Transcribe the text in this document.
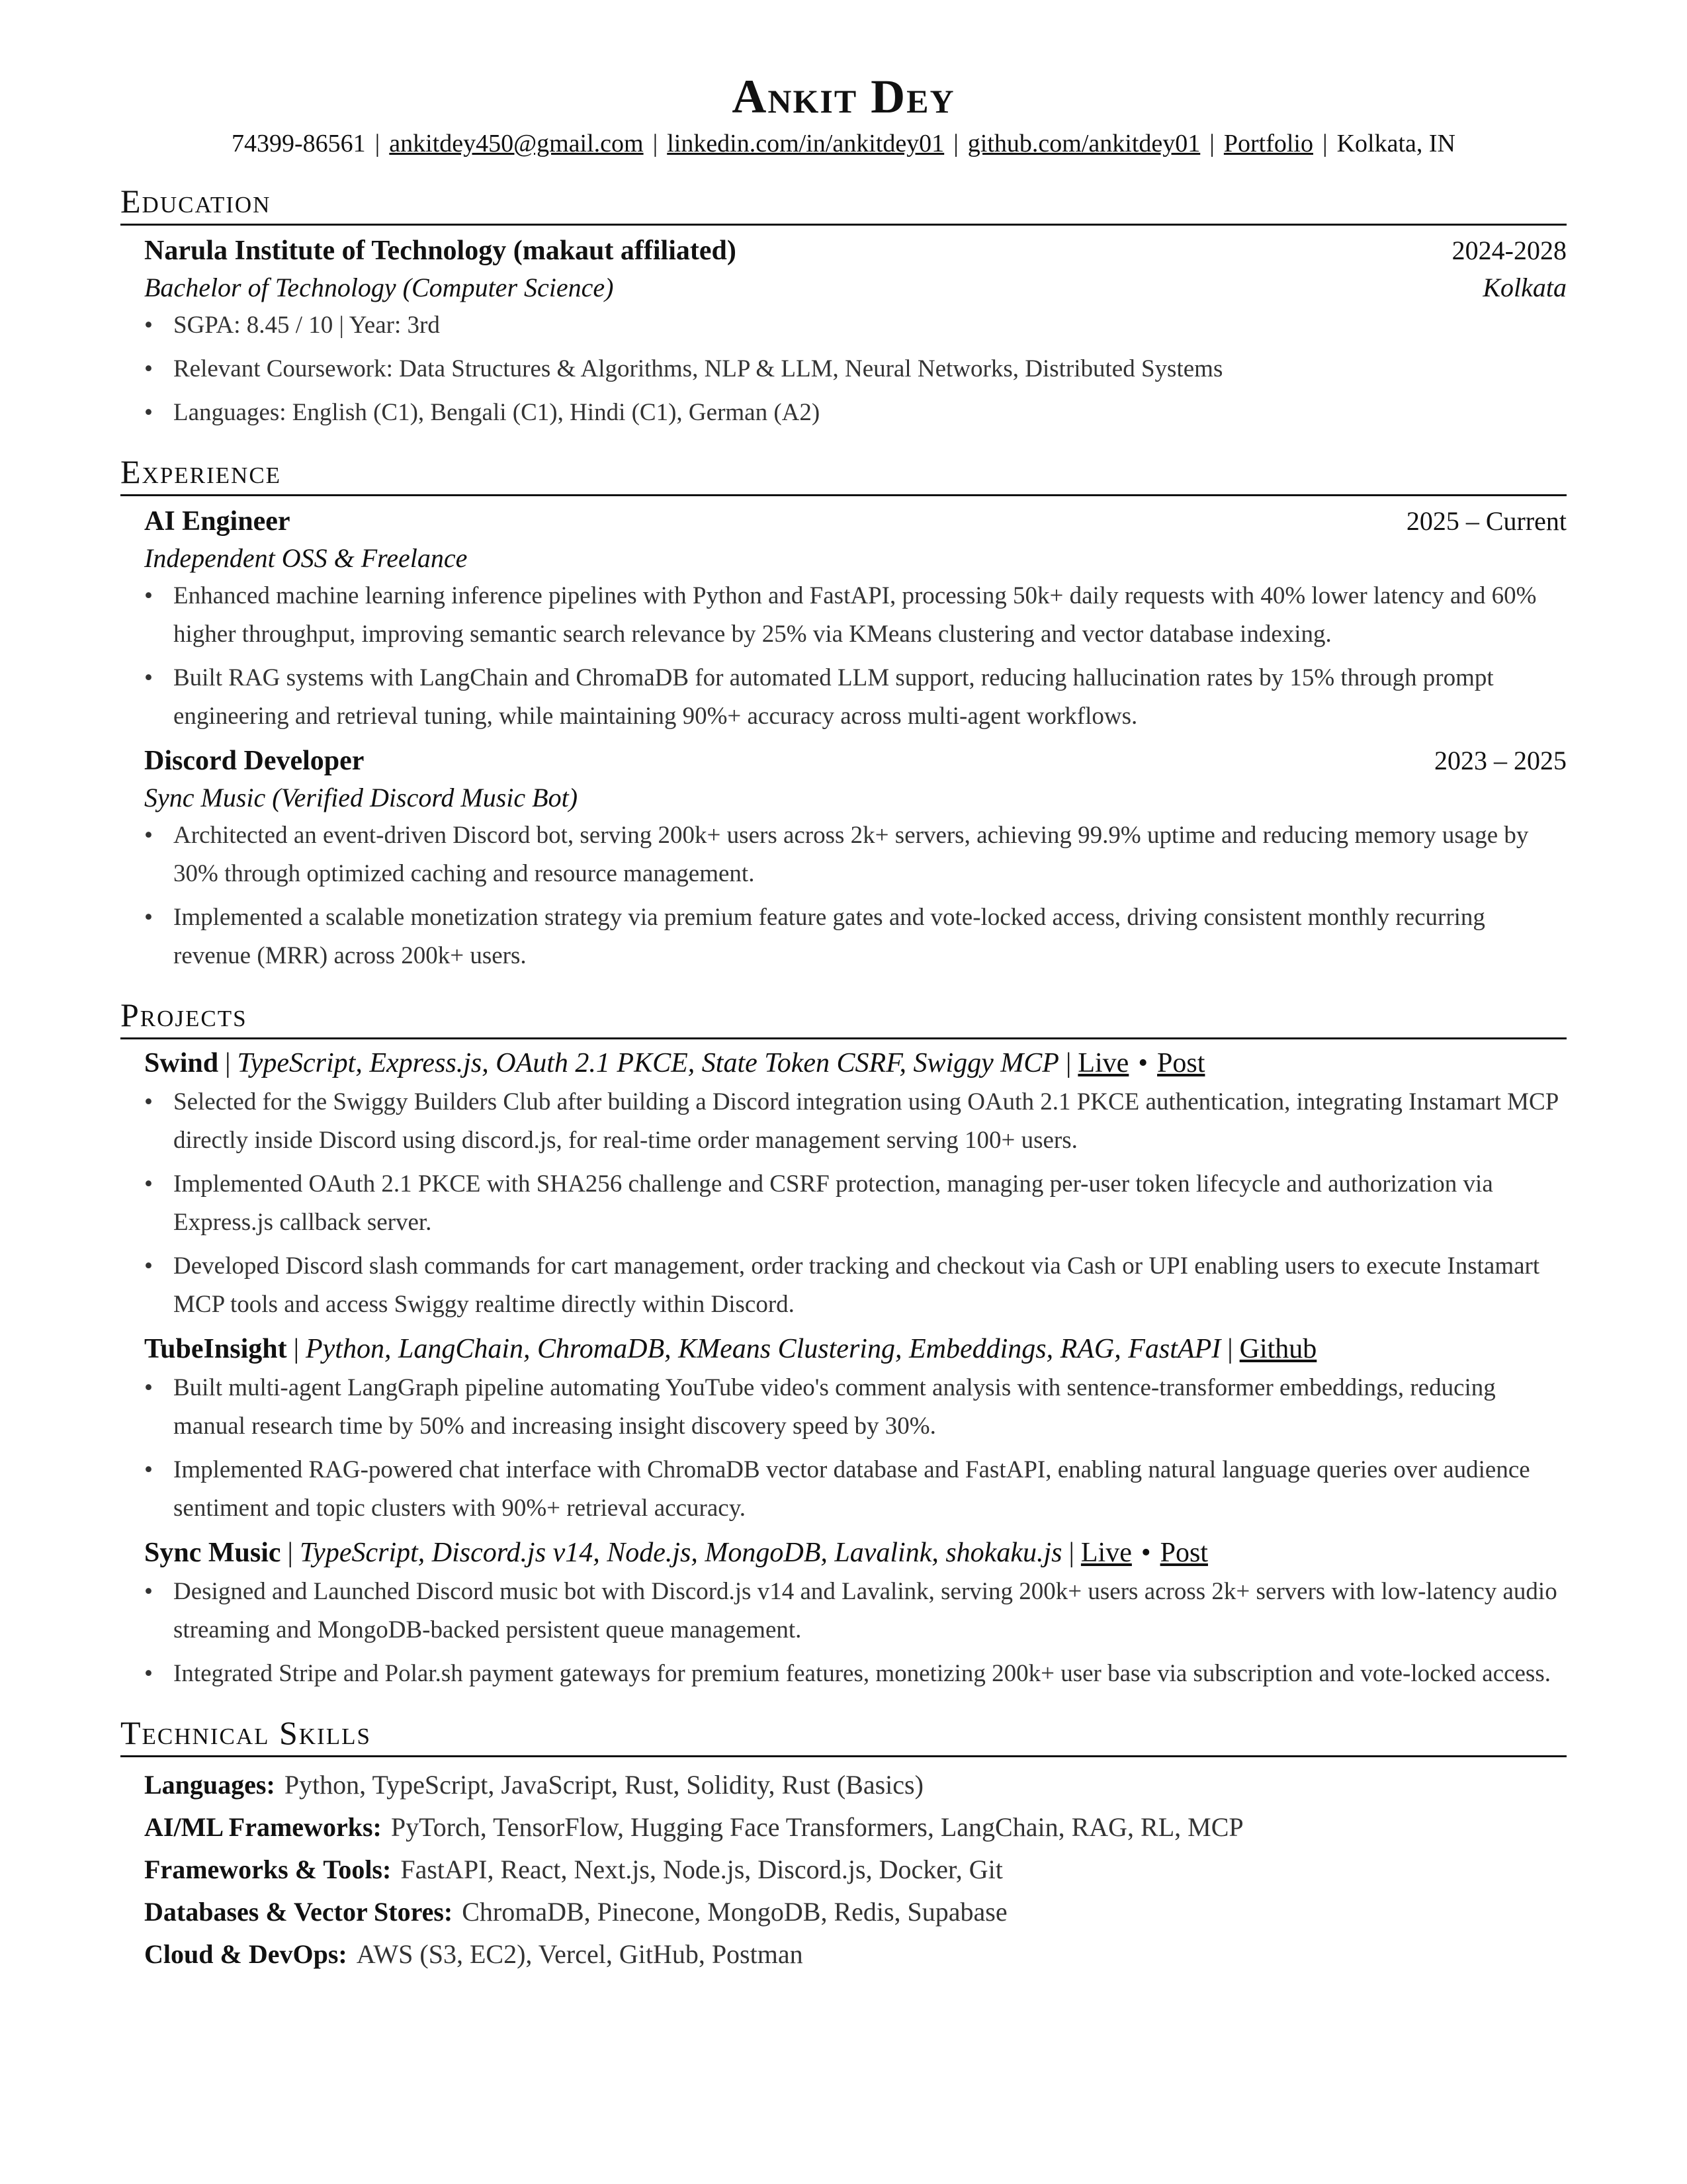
Ankit Dey
74399-86561 | ankitdey450@gmail.com | linkedin.com/in/ankitdey01 | github.com/ankitdey01 | Portfolio | Kolkata, IN
Education
Narula Institute of Technology (makaut affiliated)	2024-2028
Bachelor of Technology (Computer Science)	Kolkata
• SGPA: 8.45 / 10 | Year: 3rd
• Relevant Coursework: Data Structures & Algorithms, NLP & LLM, Neural Networks, Distributed Systems
• Languages: English (C1), Bengali (C1), Hindi (C1), German (A2)
Experience
AI Engineer	2025 – Current
Independent OSS & Freelance
• Enhanced machine learning inference pipelines with Python and FastAPI, processing 50k+ daily requests with 40% lower latency and 60% higher throughput, improving semantic search relevance by 25% via KMeans clustering and vector database indexing.
• Built RAG systems with LangChain and ChromaDB for automated LLM support, reducing hallucination rates by 15% through prompt engineering and retrieval tuning, while maintaining 90%+ accuracy across multi-agent workflows.
Discord Developer	2023 – 2025
Sync Music (Verified Discord Music Bot)
• Architected an event-driven Discord bot, serving 200k+ users across 2k+ servers, achieving 99.9% uptime and reducing memory usage by 30% through optimized caching and resource management.
• Implemented a scalable monetization strategy via premium feature gates and vote-locked access, driving consistent monthly recurring revenue (MRR) across 200k+ users.
Projects
Swind | TypeScript, Express.js, OAuth 2.1 PKCE, State Token CSRF, Swiggy MCP | Live • Post
• Selected for the Swiggy Builders Club after building a Discord integration using OAuth 2.1 PKCE authentication, integrating Instamart MCP directly inside Discord using discord.js, for real-time order management serving 100+ users.
• Implemented OAuth 2.1 PKCE with SHA256 challenge and CSRF protection, managing per-user token lifecycle and authorization via Express.js callback server.
• Developed Discord slash commands for cart management, order tracking and checkout via Cash or UPI enabling users to execute Instamart MCP tools and access Swiggy realtime directly within Discord.
TubeInsight | Python, LangChain, ChromaDB, KMeans Clustering, Embeddings, RAG, FastAPI | Github
• Built multi-agent LangGraph pipeline automating YouTube video's comment analysis with sentence-transformer embeddings, reducing manual research time by 50% and increasing insight discovery speed by 30%.
• Implemented RAG-powered chat interface with ChromaDB vector database and FastAPI, enabling natural language queries over audience sentiment and topic clusters with 90%+ retrieval accuracy.
Sync Music | TypeScript, Discord.js v14, Node.js, MongoDB, Lavalink, shokaku.js | Live • Post
• Designed and Launched Discord music bot with Discord.js v14 and Lavalink, serving 200k+ users across 2k+ servers with low-latency audio streaming and MongoDB-backed persistent queue management.
• Integrated Stripe and Polar.sh payment gateways for premium features, monetizing 200k+ user base via subscription and vote-locked access.
Technical Skills
Languages: Python, TypeScript, JavaScript, Rust, Solidity, Rust (Basics)
AI/ML Frameworks: PyTorch, TensorFlow, Hugging Face Transformers, LangChain, RAG, RL, MCP
Frameworks & Tools: FastAPI, React, Next.js, Node.js, Discord.js, Docker, Git
Databases & Vector Stores: ChromaDB, Pinecone, MongoDB, Redis, Supabase
Cloud & DevOps: AWS (S3, EC2), Vercel, GitHub, Postman
